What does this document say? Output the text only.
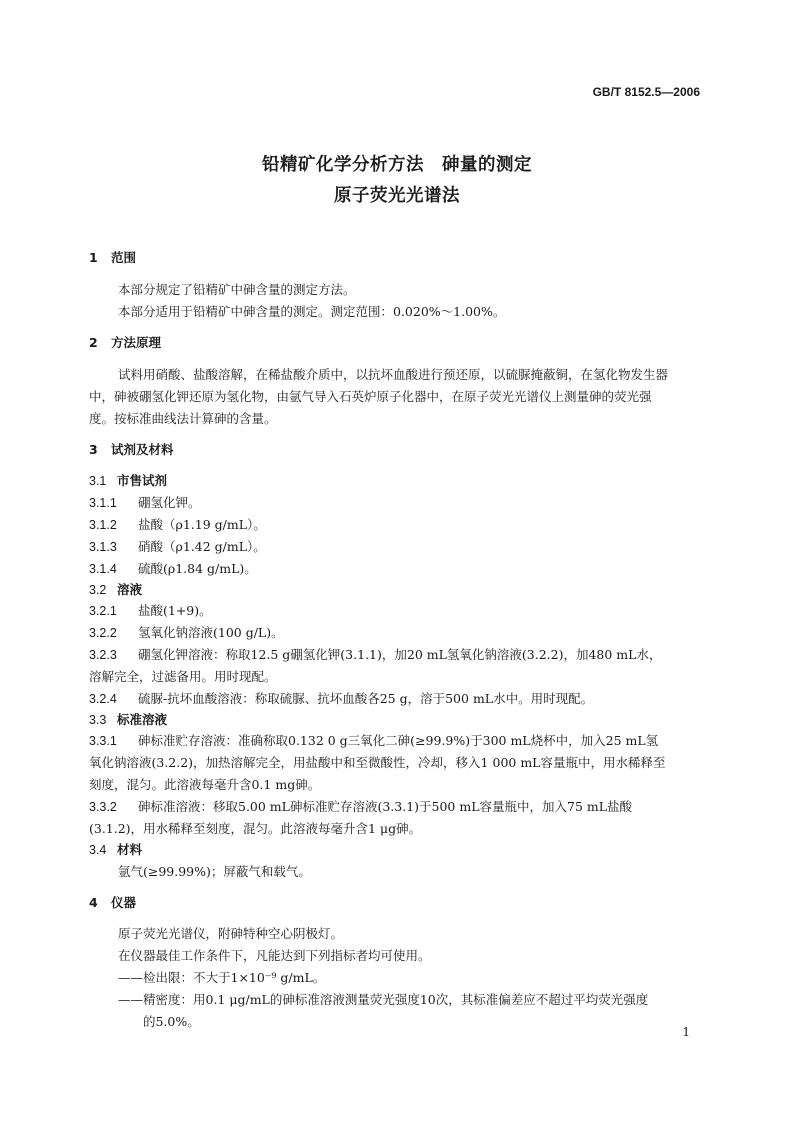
GB/T 8152.5—2006
铅精矿化学分析方法　砷量的测定
原子荧光光谱法
1 范围
本部分规定了铅精矿中砷含量的测定方法。
本部分适用于铅精矿中砷含量的测定。测定范围：0.020%～1.00%。
2 方法原理
试料用硝酸、盐酸溶解，在稀盐酸介质中，以抗坏血酸进行预还原，以硫脲掩蔽铜，在氢化物发生器
中，砷被硼氢化钾还原为氢化物，由氩气导入石英炉原子化器中，在原子荧光光谱仪上测量砷的荧光强
度。按标准曲线法计算砷的含量。
3 试剂及材料
3.1 市售试剂
3.1.1 硼氢化钾。
3.1.2 盐酸（ρ1.19 g/mL）。
3.1.3 硝酸（ρ1.42 g/mL）。
3.1.4 硫酸(ρ1.84 g/mL)。
3.2 溶液
3.2.1 盐酸(1+9)。
3.2.2 氢氧化钠溶液(100 g/L)。
3.2.3 硼氢化钾溶液：称取12.5 g硼氢化钾(3.1.1)，加20 mL氢氧化钠溶液(3.2.2)，加480 mL水，
溶解完全，过滤备用。用时现配。
3.2.4 硫脲-抗坏血酸溶液：称取硫脲、抗坏血酸各25 g，溶于500 mL水中。用时现配。
3.3 标准溶液
3.3.1 砷标准贮存溶液：准确称取0.132 0 g三氧化二砷(≥99.9%)于300 mL烧杯中，加入25 mL氢
氧化钠溶液(3.2.2)，加热溶解完全，用盐酸中和至微酸性，冷却，移入1 000 mL容量瓶中，用水稀释至
刻度，混匀。此溶液每毫升含0.1 mg砷。
3.3.2 砷标准溶液：移取5.00 mL砷标准贮存溶液(3.3.1)于500 mL容量瓶中，加入75 mL盐酸
(3.1.2)，用水稀释至刻度，混匀。此溶液每毫升含1 μg砷。
3.4 材料
氩气(≥99.99%)；屏蔽气和载气。
4 仪器
原子荧光光谱仪，附砷特种空心阴极灯。
在仪器最佳工作条件下，凡能达到下列指标者均可使用。
——检出限：不大于1×10⁻⁹ g/mL。
——精密度：用0.1 μg/mL的砷标准溶液测量荧光强度10次，其标准偏差应不超过平均荧光强度
的5.0%。
1
